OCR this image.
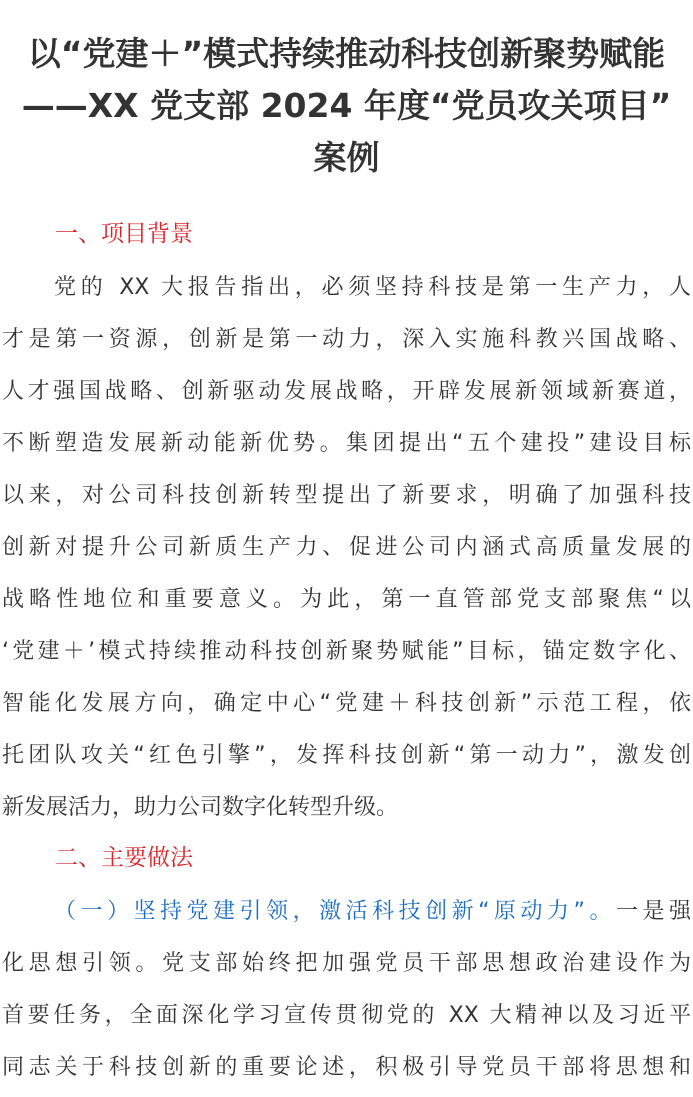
以“党建＋”模式持续推动科技创新聚势赋能
——XX 党支部 2024 年度“党员攻关项目”
案例
一、项目背景
党的 XX 大报告指出，必须坚持科技是第一生产力，人
才是第一资源，创新是第一动力，深入实施科教兴国战略、
人才强国战略、创新驱动发展战略，开辟发展新领域新赛道，
不断塑造发展新动能新优势。集团提出“五个建投”建设目标
以来，对公司科技创新转型提出了新要求，明确了加强科技
创新对提升公司新质生产力、促进公司内涵式高质量发展的
战略性地位和重要意义。为此，第一直管部党支部聚焦“以
‘党建＋’模式持续推动科技创新聚势赋能”目标，锚定数字化、
智能化发展方向，确定中心“党建＋科技创新”示范工程，依
托团队攻关“红色引擎”，发挥科技创新“第一动力”，激发创
新发展活力，助力公司数字化转型升级。
二、主要做法
（一）坚持党建引领，激活科技创新“原动力”。一是强
化思想引领。党支部始终把加强党员干部思想政治建设作为
首要任务，全面深化学习宣传贯彻党的 XX 大精神以及习近平
同志关于科技创新的重要论述，积极引导党员干部将思想和
